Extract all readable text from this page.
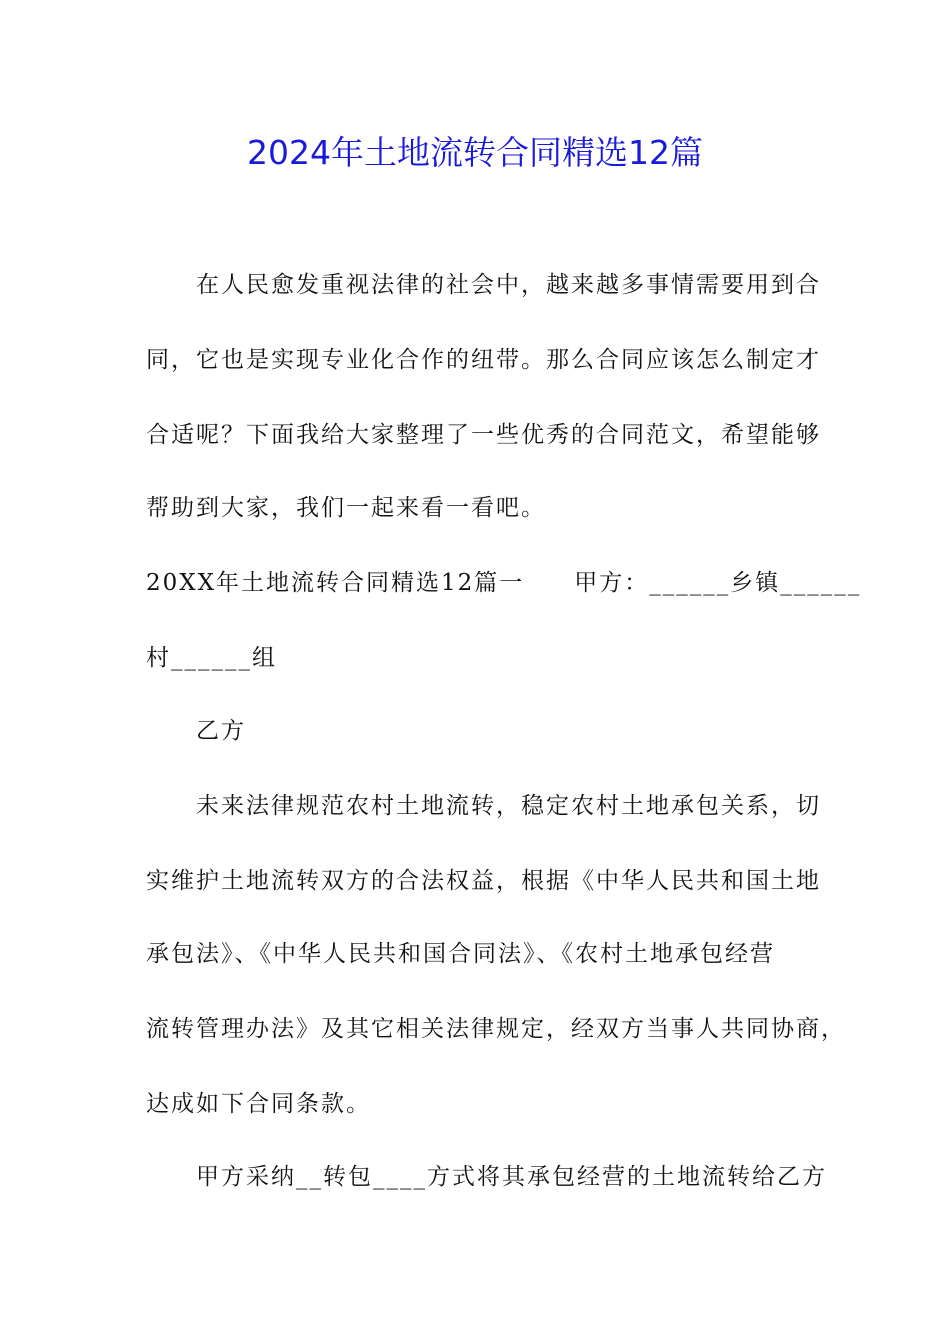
2024年土地流转合同精选12篇
在人民愈发重视法律的社会中，越来越多事情需要用到合
同，它也是实现专业化合作的纽带。那么合同应该怎么制定才
合适呢？下面我给大家整理了一些优秀的合同范文，希望能够
帮助到大家，我们一起来看一看吧。
20XX年土地流转合同精选12篇一　　甲方：______乡镇______
村______组
乙方
未来法律规范农村土地流转，稳定农村土地承包关系，切
实维护土地流转双方的合法权益，根据《中华人民共和国土地
承包法》、《中华人民共和国合同法》、《农村土地承包经营
流转管理办法》及其它相关法律规定，经双方当事人共同协商，
达成如下合同条款。
甲方采纳__转包____方式将其承包经营的土地流转给乙方
